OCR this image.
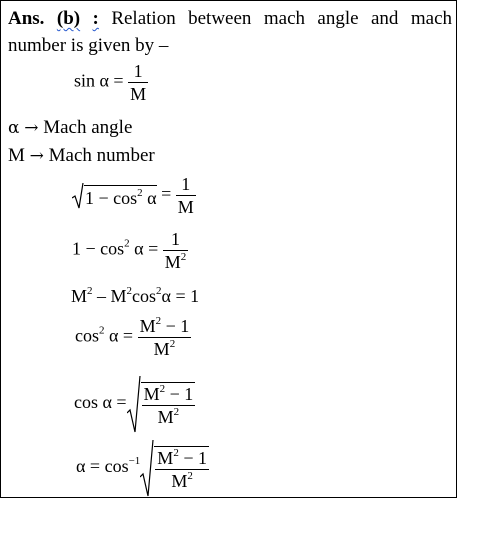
Ans. (b) : Relation between mach angle and mach
number is given by –
$\sin \alpha = \frac{1}{M}$
α → Mach angle
M → Mach number
$1 - \cos^2 \alpha = \frac{1}{M}$
$1 - \cos^2 \alpha = \frac{1}{M^2}$
$M^2 - M^2\cos^2\alpha = 1$
$\cos^2 \alpha = \frac{M^2 - 1}{M^2}$
$\cos \alpha = \frac{M^2 - 1}{M^2}$
$\alpha = \cos^{-1} \frac{M^2 - 1}{M^2}$
